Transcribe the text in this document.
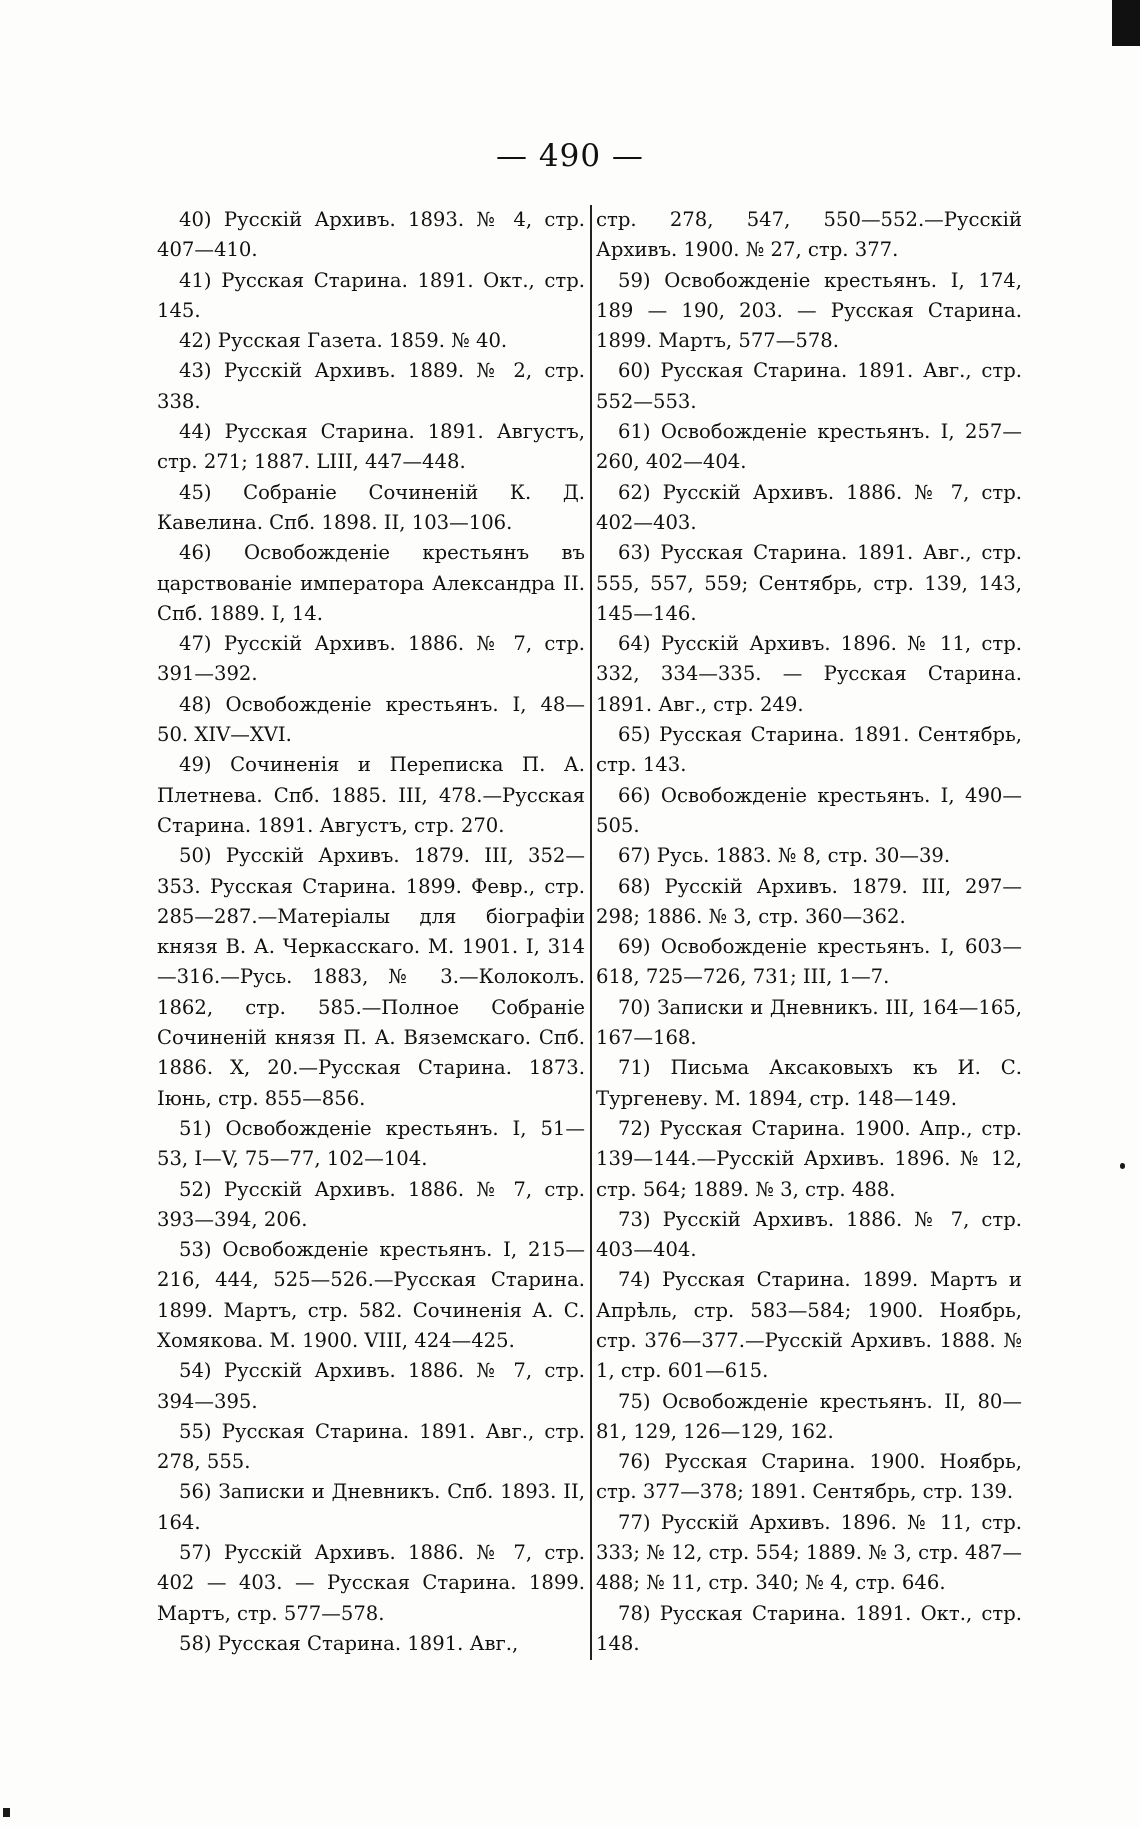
— 490 —

40) Русскій Архивъ. 1893. № 4, стр. 407—410.

41) Русская Старина. 1891. Окт., стр. 145.

42) Русская Газета. 1859. № 40.

43) Русскій Архивъ. 1889. № 2, стр. 338.

44) Русская Старина. 1891. Августъ, стр. 271; 1887. LIII, 447—448.

45) Собраніе Сочиненій К. Д. Кавелина. Спб. 1898. II, 103—106.

46) Освобожденіе крестьянъ въ царствованіе императора Александра II. Спб. 1889. I, 14.

47) Русскій Архивъ. 1886. № 7, стр. 391—392.

48) Освобожденіе крестьянъ. I, 48—50. XIV—XVI.

49) Сочиненія и Переписка П. А. Плетнева. Спб. 1885. III, 478.—Русская Старина. 1891. Августъ, стр. 270.

50) Русскій Архивъ. 1879. III, 352—353. Русская Старина. 1899. Февр., стр. 285—287.—Матеріалы для біографіи князя В. А. Черкасскаго. М. 1901. I, 314—316.—Русь. 1883, № 3.—Колоколъ. 1862, стр. 585.—Полное Собраніе Сочиненій князя П. А. Вяземскаго. Спб. 1886. X, 20.—Русская Старина. 1873. Іюнь, стр. 855—856.

51) Освобожденіе крестьянъ. I, 51—53, I—V, 75—77, 102—104.

52) Русскій Архивъ. 1886. № 7, стр. 393—394, 206.

53) Освобожденіе крестьянъ. I, 215—216, 444, 525—526.—Русская Старина. 1899. Мартъ, стр. 582. Сочиненія А. С. Хомякова. М. 1900. VIII, 424—425.

54) Русскій Архивъ. 1886. № 7, стр. 394—395.

55) Русская Старина. 1891. Авг., стр. 278, 555.

56) Записки и Дневникъ. Спб. 1893. II, 164.

57) Русскій Архивъ. 1886. № 7, стр. 402 — 403. — Русская Старина. 1899. Мартъ, стр. 577—578.

58) Русская Старина. 1891. Авг.,

стр. 278, 547, 550—552.—Русскій Архивъ. 1900. № 27, стр. 377.

59) Освобожденіе крестьянъ. I, 174, 189 — 190, 203. — Русская Старина. 1899. Мартъ, 577—578.

60) Русская Старина. 1891. Авг., стр. 552—553.

61) Освобожденіе крестьянъ. I, 257—260, 402—404.

62) Русскій Архивъ. 1886. № 7, стр. 402—403.

63) Русская Старина. 1891. Авг., стр. 555, 557, 559; Сентябрь, стр. 139, 143, 145—146.

64) Русскій Архивъ. 1896. № 11, стр. 332, 334—335. — Русская Старина. 1891. Авг., стр. 249.

65) Русская Старина. 1891. Сентябрь, стр. 143.

66) Освобожденіе крестьянъ. I, 490—505.

67) Русь. 1883. № 8, стр. 30—39.

68) Русскій Архивъ. 1879. III, 297—298; 1886. № 3, стр. 360—362.

69) Освобожденіе крестьянъ. I, 603—618, 725—726, 731; III, 1—7.

70) Записки и Дневникъ. III, 164—165, 167—168.

71) Письма Аксаковыхъ къ И. С. Тургеневу. М. 1894, стр. 148—149.

72) Русская Старина. 1900. Апр., стр. 139—144.—Русскій Архивъ. 1896. № 12, стр. 564; 1889. № 3, стр. 488.

73) Русскій Архивъ. 1886. № 7, стр. 403—404.

74) Русская Старина. 1899. Мартъ и Апрѣль, стр. 583—584; 1900. Ноябрь, стр. 376—377.—Русскій Архивъ. 1888. № 1, стр. 601—615.

75) Освобожденіе крестьянъ. II, 80—81, 129, 126—129, 162.

76) Русская Старина. 1900. Ноябрь, стр. 377—378; 1891. Сентябрь, стр. 139.

77) Русскій Архивъ. 1896. № 11, стр. 333; № 12, стр. 554; 1889. № 3, стр. 487—488; № 11, стр. 340; № 4, стр. 646.

78) Русская Старина. 1891. Окт., стр. 148.
